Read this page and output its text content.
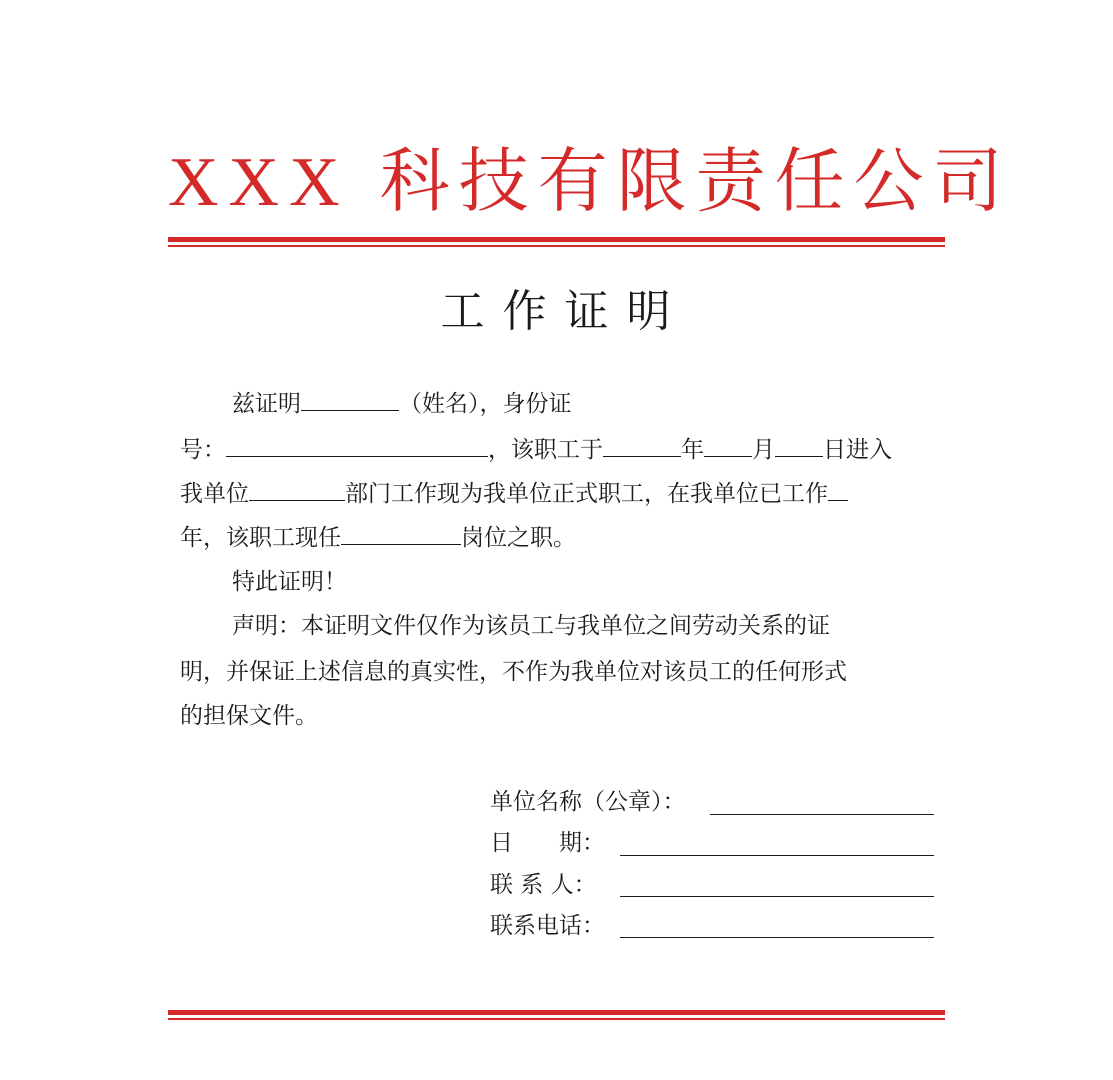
XXX 科技有限责任公司
工作证明
兹证明	（姓名），身份证
号：	，该职工于	年 月 日进入
我单位	部门工作现为我单位正式职工，在我单位已工作
年，该职工现任	岗位之职。
特此证明！
声明：本证明文件仅作为该员工与我单位之间劳动关系的证
明，并保证上述信息的真实性，不作为我单位对该员工的任何形式
的担保文件。
单位名称（公章）：
日　　期：
联 系 人：
联系电话：
